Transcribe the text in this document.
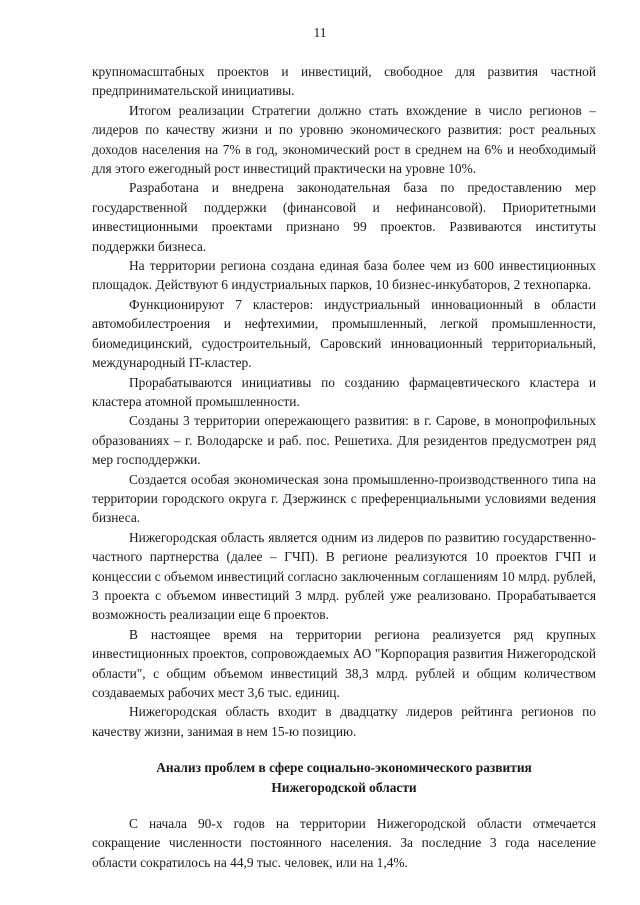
11

крупномасштабных проектов и инвестиций, свободное для развития частной предпринимательской инициативы.

Итогом реализации Стратегии должно стать вхождение в число регионов – лидеров по качеству жизни и по уровню экономического развития: рост реальных доходов населения на 7% в год, экономический рост в среднем на 6% и необходимый для этого ежегодный рост инвестиций практически на уровне 10%.

Разработана и внедрена законодательная база по предоставлению мер государственной поддержки (финансовой и нефинансовой). Приоритетными инвестиционными проектами признано 99 проектов. Развиваются институты поддержки бизнеса.

На территории региона создана единая база более чем из 600 инвестиционных площадок. Действуют 6 индустриальных парков, 10 бизнес-инкубаторов, 2 технопарка.

Функционируют 7 кластеров: индустриальный инновационный в области автомобилестроения и нефтехимии, промышленный, легкой промышленности, биомедицинский, судостроительный, Саровский инновационный территориальный, международный IT-кластер.

Прорабатываются инициативы по созданию фармацевтического кластера и кластера атомной промышленности.

Созданы 3 территории опережающего развития: в г. Сарове, в монопрофильных образованиях – г. Володарске и раб. пос. Решетиха. Для резидентов предусмотрен ряд мер господдержки.

Создается особая экономическая зона промышленно-производственного типа на территории городского округа г. Дзержинск с преференциальными условиями ведения бизнеса.

Нижегородская область является одним из лидеров по развитию государственно-частного партнерства (далее – ГЧП). В регионе реализуются 10 проектов ГЧП и концессии с объемом инвестиций согласно заключенным соглашениям 10 млрд. рублей, 3 проекта с объемом инвестиций 3 млрд. рублей уже реализовано. Прорабатывается возможность реализации еще 6 проектов.

В настоящее время на территории региона реализуется ряд крупных инвестиционных проектов, сопровождаемых АО "Корпорация развития Нижегородской области", с общим объемом инвестиций 38,3 млрд. рублей и общим количеством создаваемых рабочих мест 3,6 тыс. единиц.

Нижегородская область входит в двадцатку лидеров рейтинга регионов по качеству жизни, занимая в нем 15-ю позицию.

Анализ проблем в сфере социально-экономического развития
Нижегородской области

С начала 90-х годов на территории Нижегородской области отмечается сокращение численности постоянного населения. За последние 3 года население области сократилось на 44,9 тыс. человек, или на 1,4%.
